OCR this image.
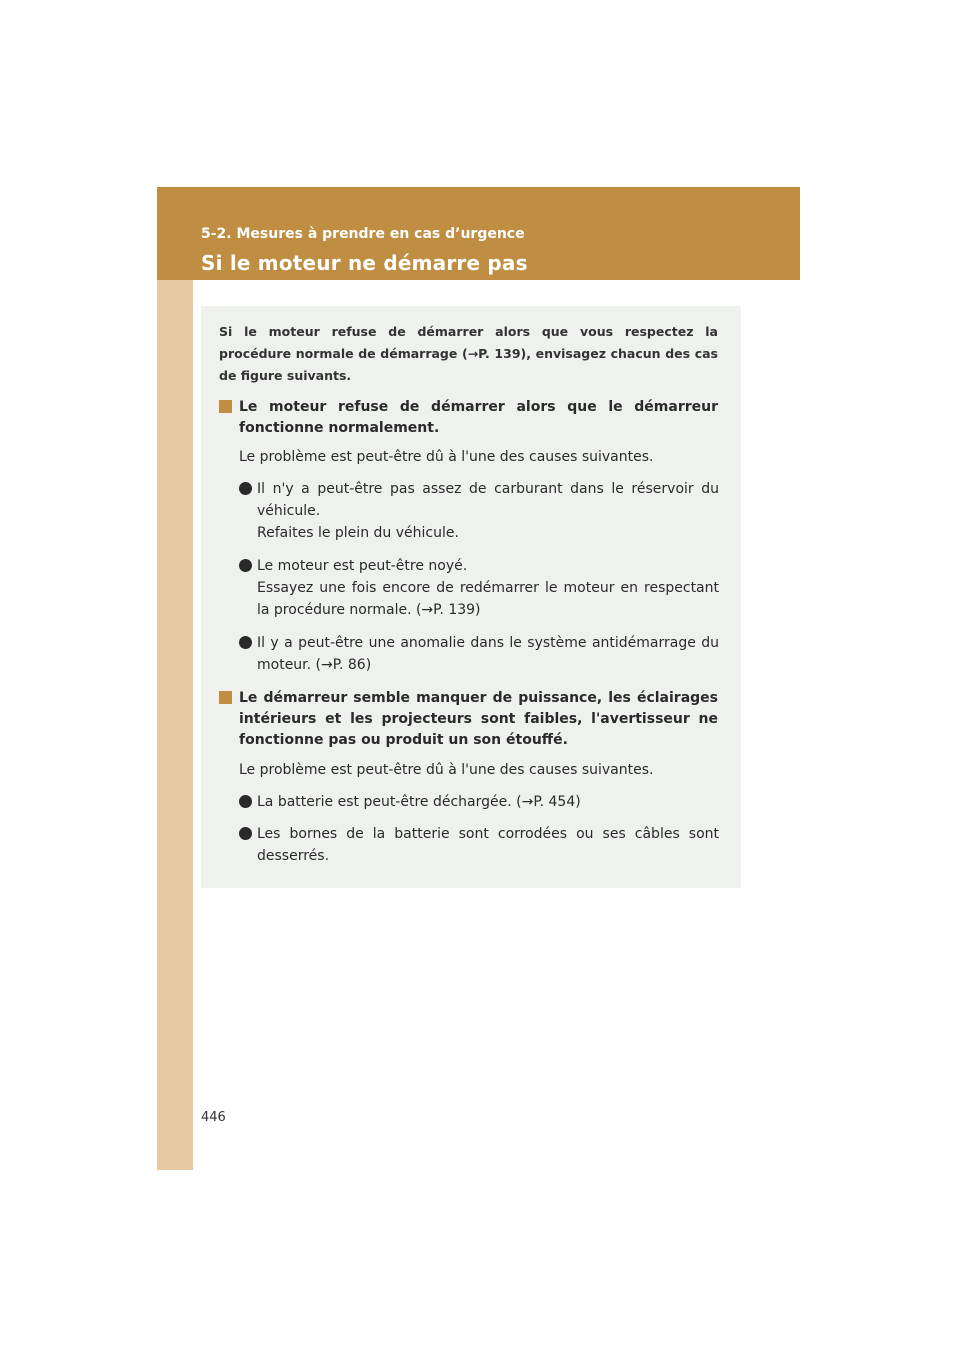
5-2. Mesures à prendre en cas d’urgence
Si le moteur ne démarre pas
Si le moteur refuse de démarrer alors que vous respectez la procédure normale de démarrage (→P. 139), envisagez chacun des cas de figure suivants.
Le moteur refuse de démarrer alors que le démarreur fonctionne normalement.
Le problème est peut-être dû à l'une des causes suivantes.
Il n'y a peut-être pas assez de carburant dans le réservoir du véhicule.
Refaites le plein du véhicule.
Le moteur est peut-être noyé.
Essayez une fois encore de redémarrer le moteur en respectant la procédure normale. (→P. 139)
Il y a peut-être une anomalie dans le système antidémarrage du moteur. (→P. 86)
Le démarreur semble manquer de puissance, les éclairages intérieurs et les projecteurs sont faibles, l'avertisseur ne fonctionne pas ou produit un son étouffé.
Le problème est peut-être dû à l'une des causes suivantes.
La batterie est peut-être déchargée. (→P. 454)
Les bornes de la batterie sont corrodées ou ses câbles sont desserrés.
446
